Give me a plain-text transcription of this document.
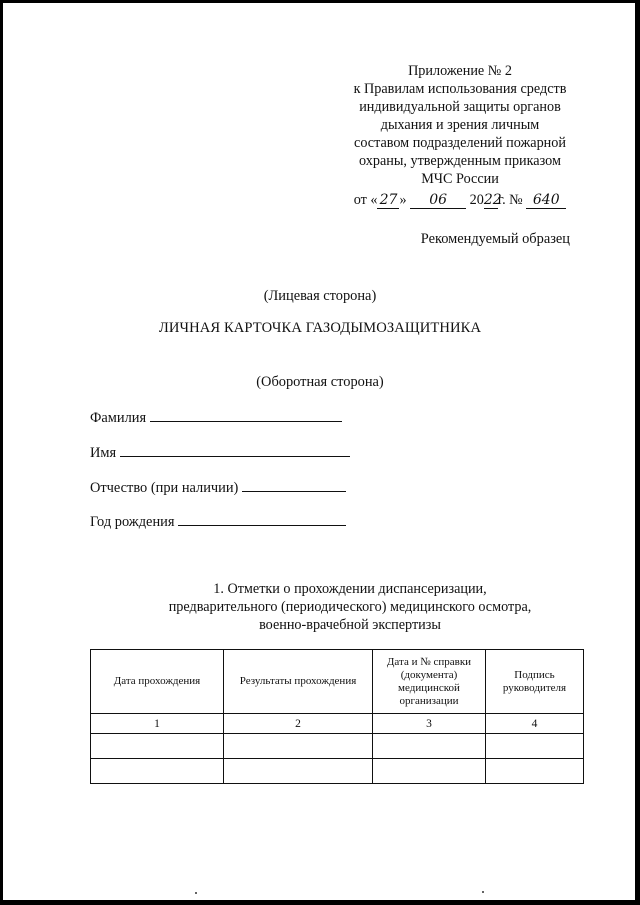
Приложение № 2
к Правилам использования средств
индивидуальной защиты органов
дыхания и зрения личным
составом подразделений пожарной
охраны, утвержденным приказом
МЧС России
от « 27 » 06 2022г. № 640
Рекомендуемый образец
(Лицевая сторона)
ЛИЧНАЯ КАРТОЧКА ГАЗОДЫМОЗАЩИТНИКА
(Оборотная сторона)
Фамилия
Имя
Отчество (при наличии)
Год рождения
1. Отметки о прохождении диспансеризации,
предварительного (периодического) медицинского осмотра,
военно-врачебной экспертизы
Дата прохождения	Результаты прохождения	Дата и № справки (документа) медицинской организации	Подпись руководителя
1	2	3	4
